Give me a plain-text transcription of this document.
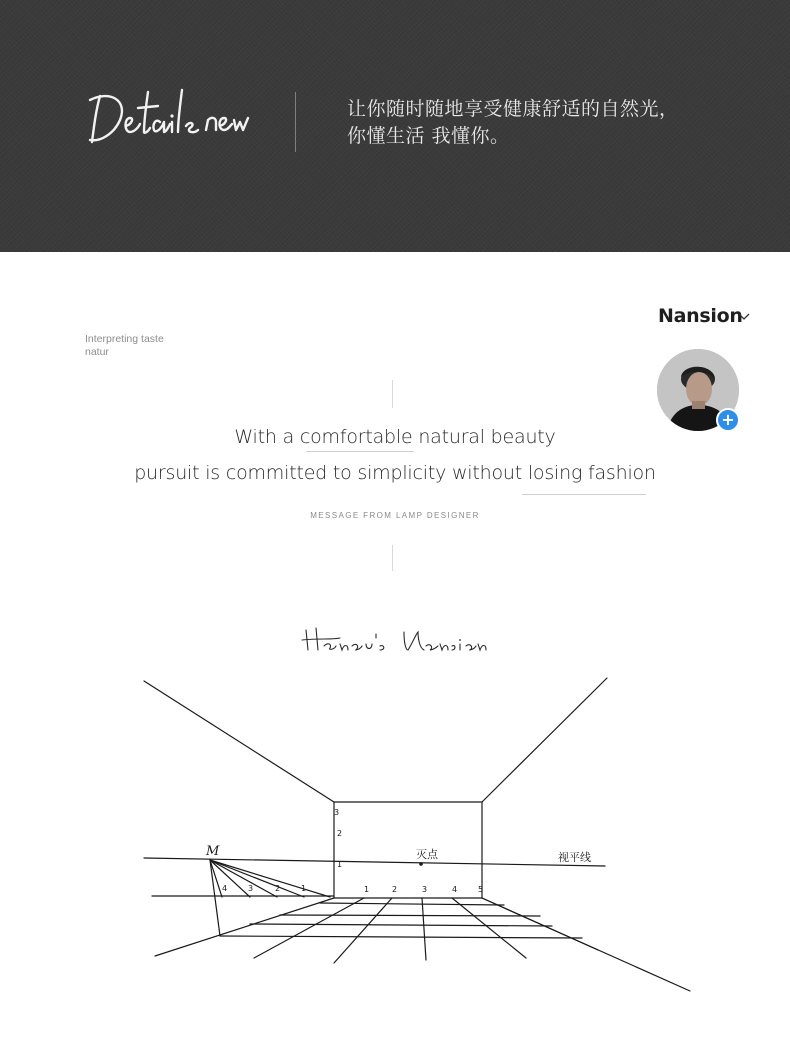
让你随时随地享受健康舒适的自然光，
你懂生活 我懂你。
Interpreting taste
natur
Nansion
+
With a comfortable natural beauty
pursuit is committed to simplicity without losing fashion
MESSAGE FROM LAMP DESIGNER
M	灭点	视平线
4	3	2	1	1	2	3	4	5
3
2
1
